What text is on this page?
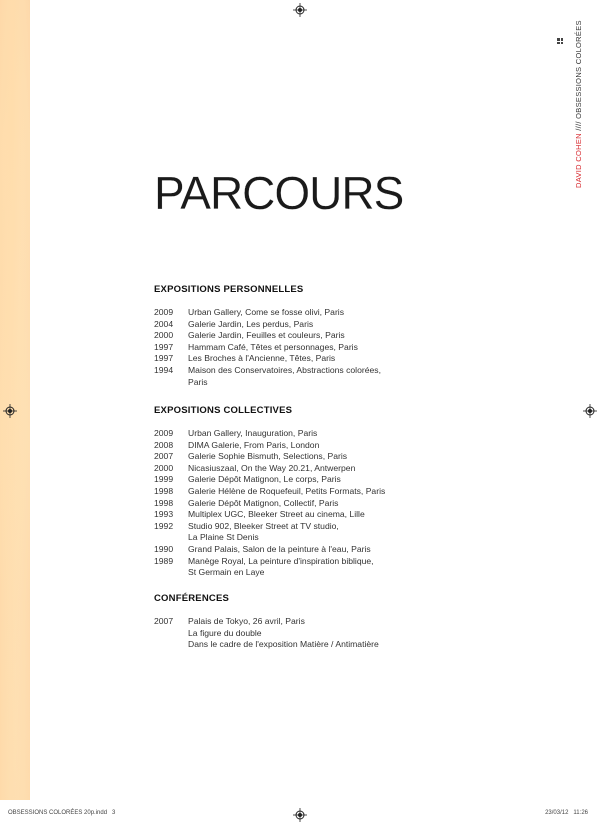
DAVID COHEN //// OBSESSIONS COLORÉES
PARCOURS
EXPOSITIONS PERSONNELLES
2009	Urban Gallery, Come se fosse olivi, Paris
2004	Galerie Jardin, Les perdus, Paris
2000	Galerie Jardin, Feuilles et couleurs, Paris
1997	Hammam Café, Têtes et personnages, Paris
1997	Les Broches à l'Ancienne, Têtes, Paris
1994	Maison des Conservatoires, Abstractions colorées,
Paris
EXPOSITIONS COLLECTIVES
2009	Urban Gallery, Inauguration, Paris
2008	DIMA Galerie, From Paris, London
2007	Galerie Sophie Bismuth, Selections, Paris
2000	Nicasiuszaal, On the Way 20.21, Antwerpen
1999	Galerie Dépôt Matignon, Le corps, Paris
1998	Galerie Hélène de Roquefeuil, Petits Formats, Paris
1998	Galerie Dépôt Matignon, Collectif, Paris
1993	Multiplex UGC, Bleeker Street au cinema, Lille
1992	Studio 902, Bleeker Street at TV studio,
La Plaine St Denis
1990	Grand Palais, Salon de la peinture à l'eau, Paris
1989	Manège Royal, La peinture d'inspiration biblique,
St Germain en Laye
CONFÉRENCES
2007	Palais de Tokyo, 26 avril, Paris
La figure du double
Dans le cadre de l'exposition Matière / Antimatière
OBSESSIONS COLORÉES 20p.indd   3	23/03/12   11:26
